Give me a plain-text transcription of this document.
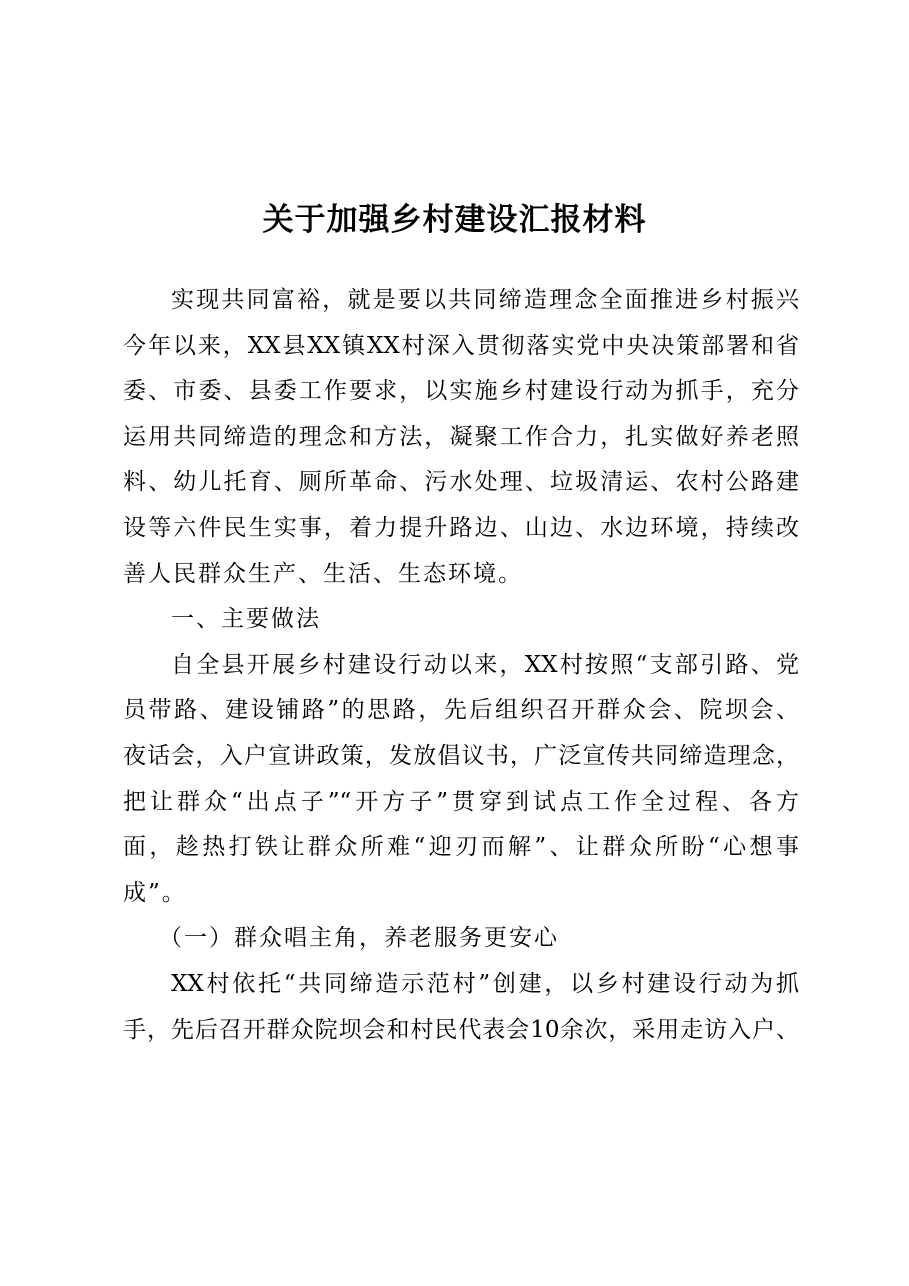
关于加强乡村建设汇报材料

实现共同富裕，就是要以共同缔造理念全面推进乡村振兴

今年以来，XX县XX镇XX村深入贯彻落实党中央决策部署和省

委、市委、县委工作要求，以实施乡村建设行动为抓手，充分

运用共同缔造的理念和方法，凝聚工作合力，扎实做好养老照

料、幼儿托育、厕所革命、污水处理、垃圾清运、农村公路建

设等六件民生实事，着力提升路边、山边、水边环境，持续改

善人民群众生产、生活、生态环境。

一、主要做法

自全县开展乡村建设行动以来，XX村按照“支部引路、党

员带路、建设铺路”的思路，先后组织召开群众会、院坝会、

夜话会，入户宣讲政策，发放倡议书，广泛宣传共同缔造理念，

把让群众“出点子”“开方子”贯穿到试点工作全过程、各方

面，趁热打铁让群众所难“迎刃而解”、让群众所盼“心想事

成”。

（一）群众唱主角，养老服务更安心

XX村依托“共同缔造示范村”创建，以乡村建设行动为抓

手，先后召开群众院坝会和村民代表会10余次，采用走访入户、
